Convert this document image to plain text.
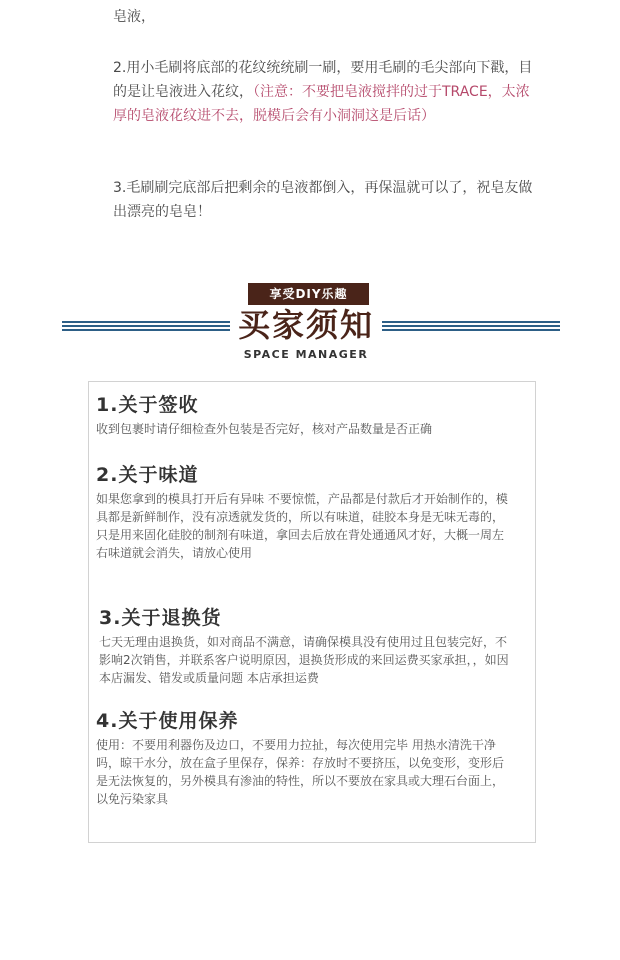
皂液，

2.用小毛刷将底部的花纹统统刷一刷，要用毛刷的毛尖部向下戳，目的是让皂液进入花纹，（注意：不要把皂液搅拌的过于TRACE，太浓厚的皂液花纹进不去，脱模后会有小洞洞这是后话）

3.毛刷刷完底部后把剩余的皂液都倒入，再保温就可以了，祝皂友做出漂亮的皂皂！

享受DIY乐趣
买家须知
SPACE MANAGER
1.关于签收
收到包裹时请仔细检查外包装是否完好，核对产品数量是否正确
2.关于味道
如果您拿到的模具打开后有异味 不要惊慌，产品都是付款后才开始制作的，模具都是新鲜制作，没有凉透就发货的，所以有味道，硅胶本身是无味无毒的，只是用来固化硅胶的制剂有味道，拿回去后放在背处通通风才好，大概一周左右味道就会消失，请放心使用
3.关于退换货
七天无理由退换货，如对商品不满意，请确保模具没有使用过且包装完好，不影响2次销售，并联系客户说明原因，退换货形成的来回运费买家承担，，如因本店漏发、错发或质量问题 本店承担运费
4.关于使用保养
使用：不要用利器伤及边口，不要用力拉扯，每次使用完毕 用热水清洗干净吗，晾干水分，放在盒子里保存，保养：存放时不要挤压，以免变形，变形后是无法恢复的，另外模具有渗油的特性，所以不要放在家具或大理石台面上，以免污染家具
